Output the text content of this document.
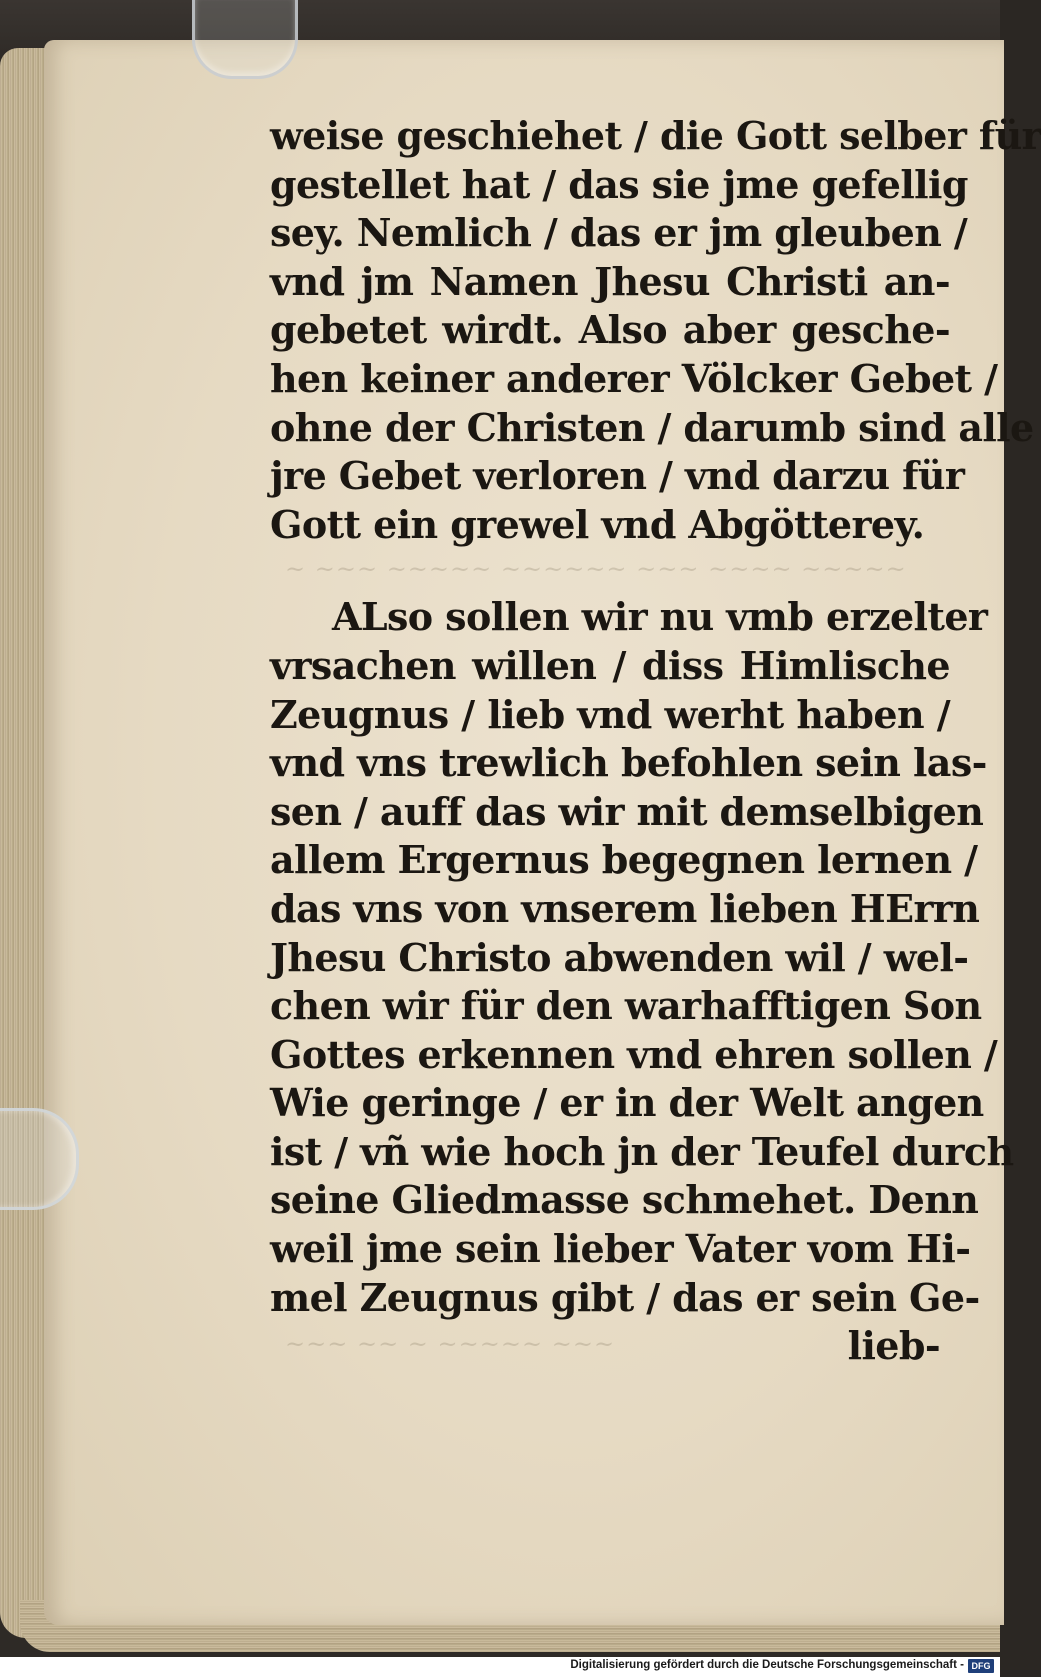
~ ~~~ ~~~~~ ~~~~~~ ~~~ ~~~~ ~~~~~
~~~ ~~ ~ ~~~~~ ~~~
weise geschiehet / die Gott selber für
gestellet hat / das sie jme gefellig
sey. Nemlich / das er jm gleuben /
vnd jm Namen Jhesu Christi an-
gebetet wirdt. Also aber gesche-
hen keiner anderer Völcker Gebet /
ohne der Christen / darumb sind alle
jre Gebet verloren / vnd darzu für
Gott ein grewel vnd Abgötterey.
ALso sollen wir nu vmb erzelter
vrsachen willen / diss Himlische
Zeugnus / lieb vnd werht haben /
vnd vns trewlich befohlen sein las-
sen / auff das wir mit demselbigen
allem Ergernus begegnen lernen /
das vns von vnserem lieben HErrn
Jhesu Christo abwenden wil / wel-
chen wir für den warhafftigen Son
Gottes erkennen vnd ehren sollen /
Wie geringe / er in der Welt angen
ist / vñ wie hoch jn der Teufel durch
seine Gliedmasse schmehet. Denn
weil jme sein lieber Vater vom Hi-
mel Zeugnus gibt / das er sein Ge-
lieb-
Digitalisierung gefördert durch die Deutsche Forschungsgemeinschaft - DFG
